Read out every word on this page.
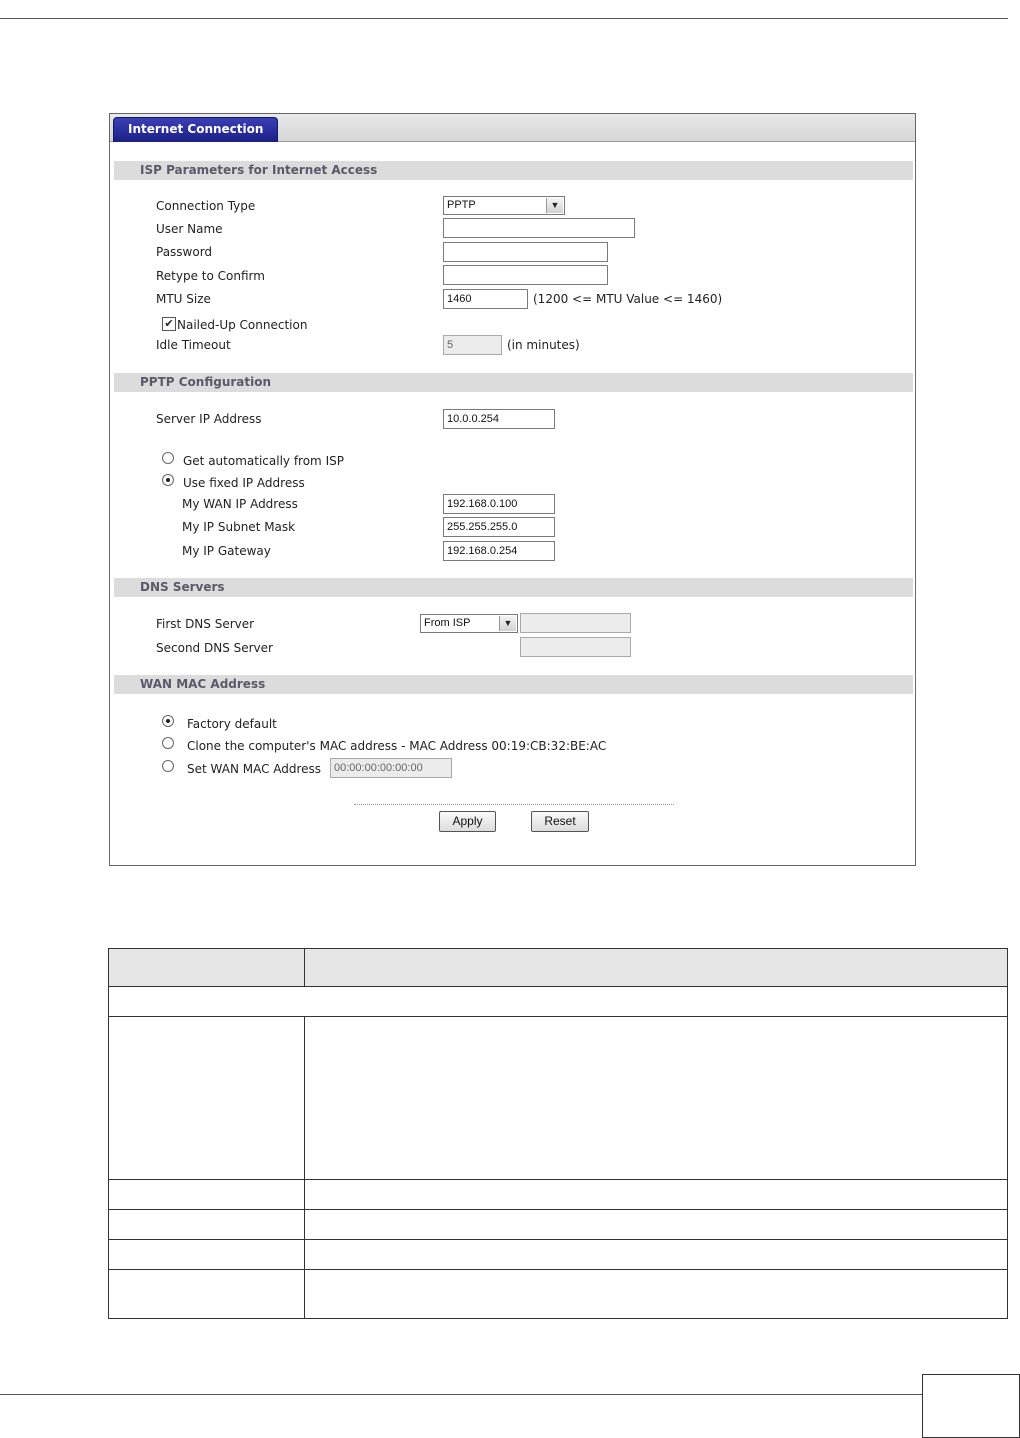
Internet Connection
ISP Parameters for Internet Access
Connection Type	PPTP	▼
User Name
Password
Retype to Confirm
MTU Size	1460	(1200 <= MTU Value <= 1460)
✔ Nailed-Up Connection
Idle Timeout	5	(in minutes)
PPTP Configuration
Server IP Address	10.0.0.254
Get automatically from ISP
Use fixed IP Address
My WAN IP Address	192.168.0.100
My IP Subnet Mask	255.255.255.0
My IP Gateway	192.168.0.254
DNS Servers
First DNS Server	From ISP	▼
Second DNS Server
WAN MAC Address
Factory default
Clone the computer's MAC address - MAC Address 00:19:CB:32:BE:AC
Set WAN MAC Address	00:00:00:00:00:00
Apply	Reset
